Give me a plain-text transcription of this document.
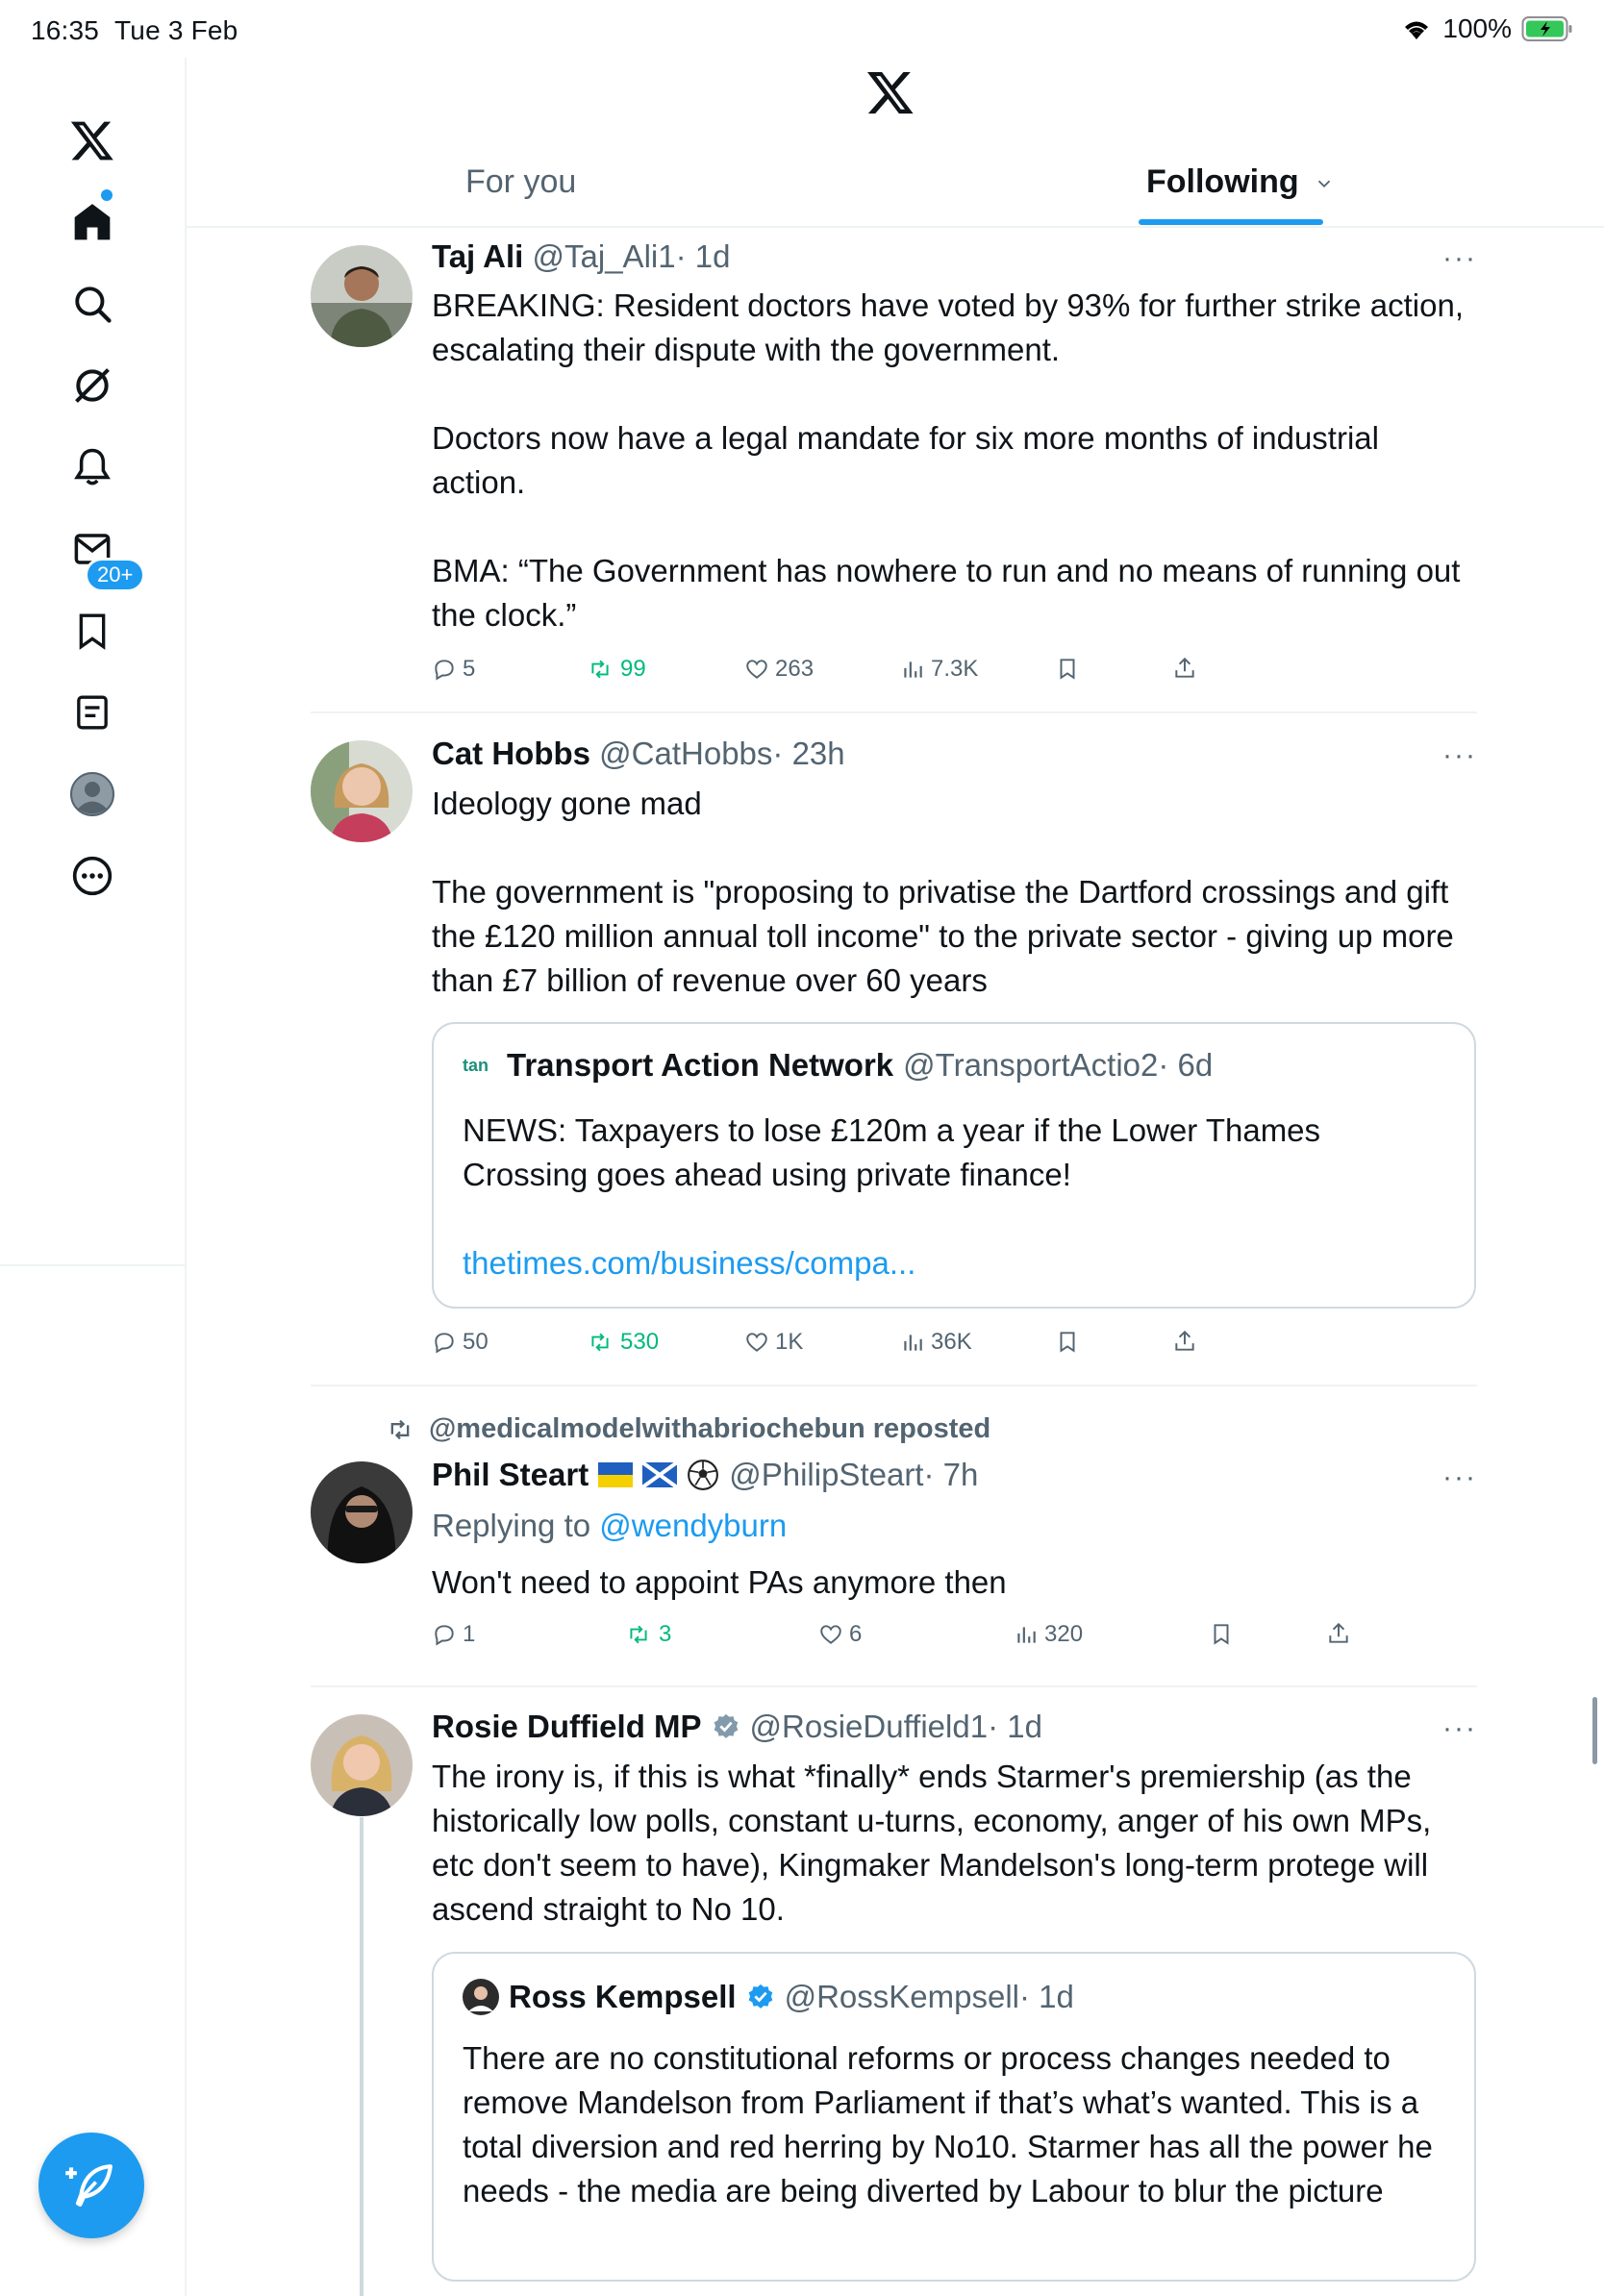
16:35 Tue 3 Feb	100%
20+
For you	Following
Taj Ali @Taj_Ali1· 1d	···
BREAKING: Resident doctors have voted by 93% for further strike action, escalating their dispute with the government.

Doctors now have a legal mandate for six more months of industrial action.

BMA: “The Government has nowhere to run and no means of running out the clock.”
5	99	263	7.3K
Cat Hobbs @CatHobbs· 23h	···
Ideology gone mad

The government is "proposing to privatise the Dartford crossings and gift the £120 million annual toll income" to the private sector - giving up more than £7 billion of revenue over 60 years
tan Transport Action Network @TransportActio2· 6d
NEWS: Taxpayers to lose £120m a year if the Lower Thames Crossing goes ahead using private finance!
thetimes.com/business/compa...
50	530	1K	36K
@medicalmodelwithabriochebun reposted
Phil Steart	@PhilipSteart· 7h	···
Replying to @wendyburn
Won't need to appoint PAs anymore then
1	3	6	320
Rosie Duffield MP @RosieDuffield1· 1d	···
The irony is, if this is what *finally* ends Starmer's premiership (as the historically low polls, constant u-turns, economy, anger of his own MPs, etc don't seem to have), Kingmaker Mandelson's long-term protege will ascend straight to No 10.
Ross Kempsell @RossKempsell· 1d
There are no constitutional reforms or process changes needed to remove Mandelson from Parliament if that’s what’s wanted. This is a total diversion and red herring by No10. Starmer has all the power he needs - the media are being diverted by Labour to blur the picture
